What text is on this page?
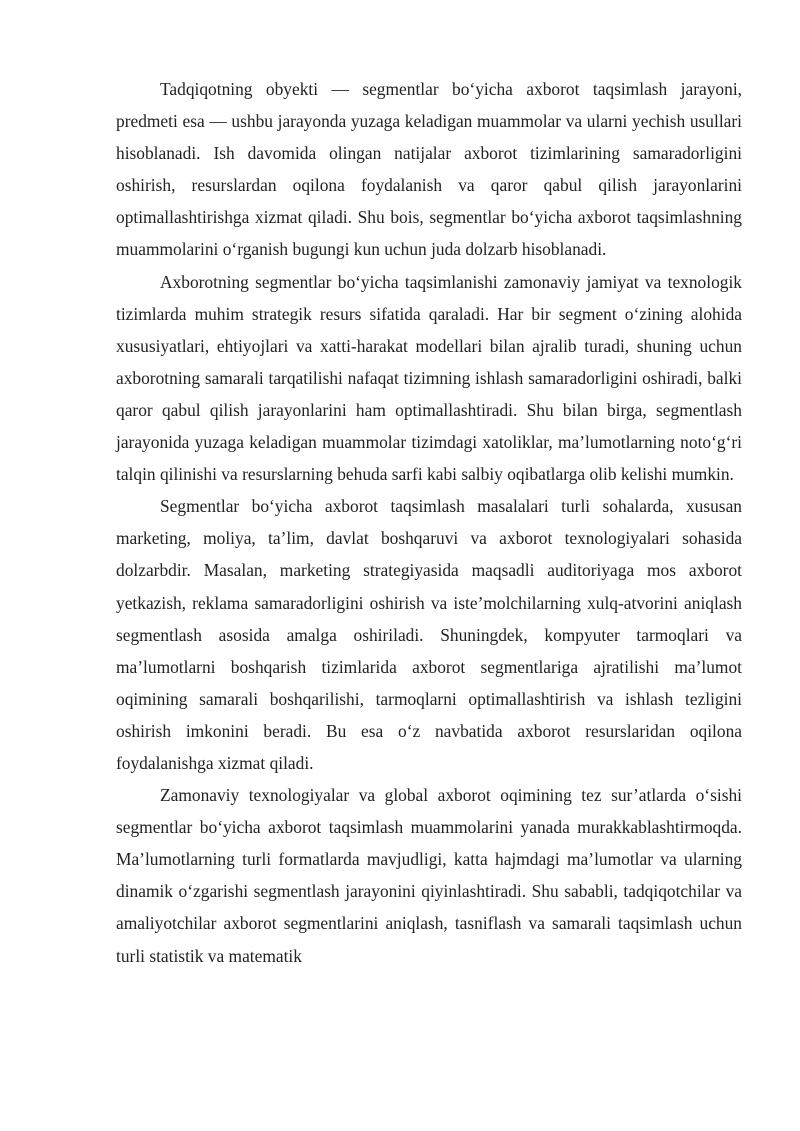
Tadqiqotning obyekti — segmentlar bo‘yicha axborot taqsimlash jarayoni, predmeti esa — ushbu jarayonda yuzaga keladigan muammolar va ularni yechish usullari hisoblanadi. Ish davomida olingan natijalar axborot tizimlarining samaradorligini oshirish, resurslardan oqilona foydalanish va qaror qabul qilish jarayonlarini optimallashtirishga xizmat qiladi. Shu bois, segmentlar bo‘yicha axborot taqsimlashning muammolarini o‘rganish bugungi kun uchun juda dolzarb hisoblanadi.

Axborotning segmentlar bo‘yicha taqsimlanishi zamonaviy jamiyat va texnologik tizimlarda muhim strategik resurs sifatida qaraladi. Har bir segment o‘zining alohida xususiyatlari, ehtiyojlari va xatti-harakat modellari bilan ajralib turadi, shuning uchun axborotning samarali tarqatilishi nafaqat tizimning ishlash samaradorligini oshiradi, balki qaror qabul qilish jarayonlarini ham optimallashtiradi. Shu bilan birga, segmentlash jarayonida yuzaga keladigan muammolar tizimdagi xatoliklar, ma’lumotlarning noto‘g‘ri talqin qilinishi va resurslarning behuda sarfi kabi salbiy oqibatlarga olib kelishi mumkin.

Segmentlar bo‘yicha axborot taqsimlash masalalari turli sohalarda, xususan marketing, moliya, ta’lim, davlat boshqaruvi va axborot texnologiyalari sohasida dolzarbdir. Masalan, marketing strategiyasida maqsadli auditoriyaga mos axborot yetkazish, reklama samaradorligini oshirish va iste’molchilarning xulq-atvorini aniqlash segmentlash asosida amalga oshiriladi. Shuningdek, kompyuter tarmoqlari va ma’lumotlarni boshqarish tizimlarida axborot segmentlariga ajratilishi ma’lumot oqimining samarali boshqarilishi, tarmoqlarni optimallashtirish va ishlash tezligini oshirish imkonini beradi. Bu esa o‘z navbatida axborot resurslaridan oqilona foydalanishga xizmat qiladi.

Zamonaviy texnologiyalar va global axborot oqimining tez sur’atlarda o‘sishi segmentlar bo‘yicha axborot taqsimlash muammolarini yanada murakkablashtirmoqda. Ma’lumotlarning turli formatlarda mavjudligi, katta hajmdagi ma’lumotlar va ularning dinamik o‘zgarishi segmentlash jarayonini qiyinlashtiradi. Shu sababli, tadqiqotchilar va amaliyotchilar axborot segmentlarini aniqlash, tasniflash va samarali taqsimlash uchun turli statistik va matematik
